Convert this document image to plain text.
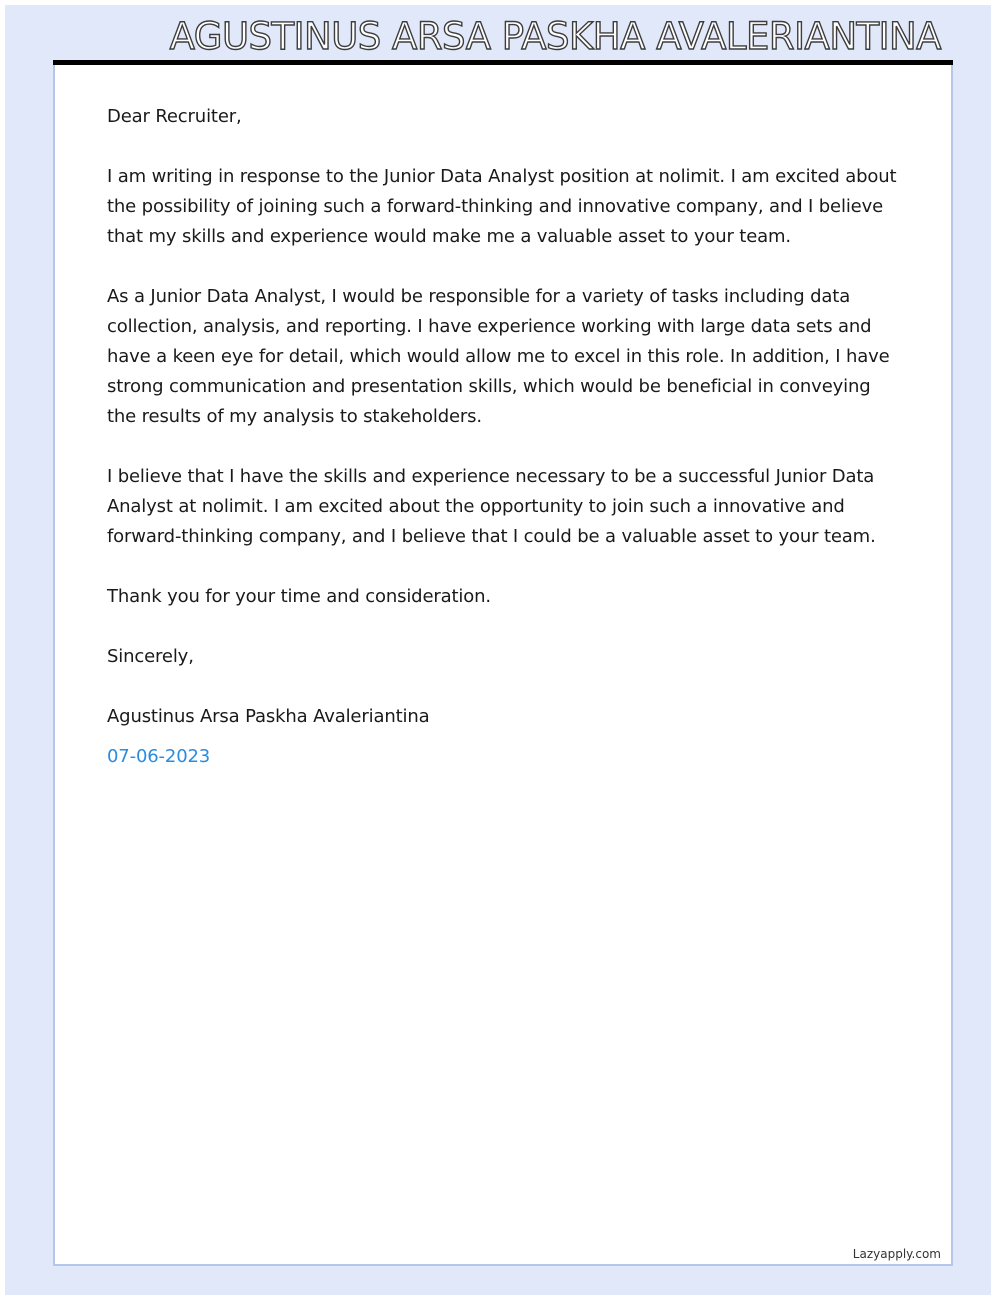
AGUSTINUS ARSA PASKHA AVALERIANTINA

Dear Recruiter,

I am writing in response to the Junior Data Analyst position at nolimit. I am excited about the possibility of joining such a forward-thinking and innovative company, and I believe that my skills and experience would make me a valuable asset to your team.

As a Junior Data Analyst, I would be responsible for a variety of tasks including data collection, analysis, and reporting. I have experience working with large data sets and have a keen eye for detail, which would allow me to excel in this role. In addition, I have strong communication and presentation skills, which would be beneficial in conveying the results of my analysis to stakeholders.

I believe that I have the skills and experience necessary to be a successful Junior Data Analyst at nolimit. I am excited about the opportunity to join such a innovative and forward-thinking company, and I believe that I could be a valuable asset to your team.

Thank you for your time and consideration.

Sincerely,

Agustinus Arsa Paskha Avaleriantina

07-06-2023

Lazyapply.com
